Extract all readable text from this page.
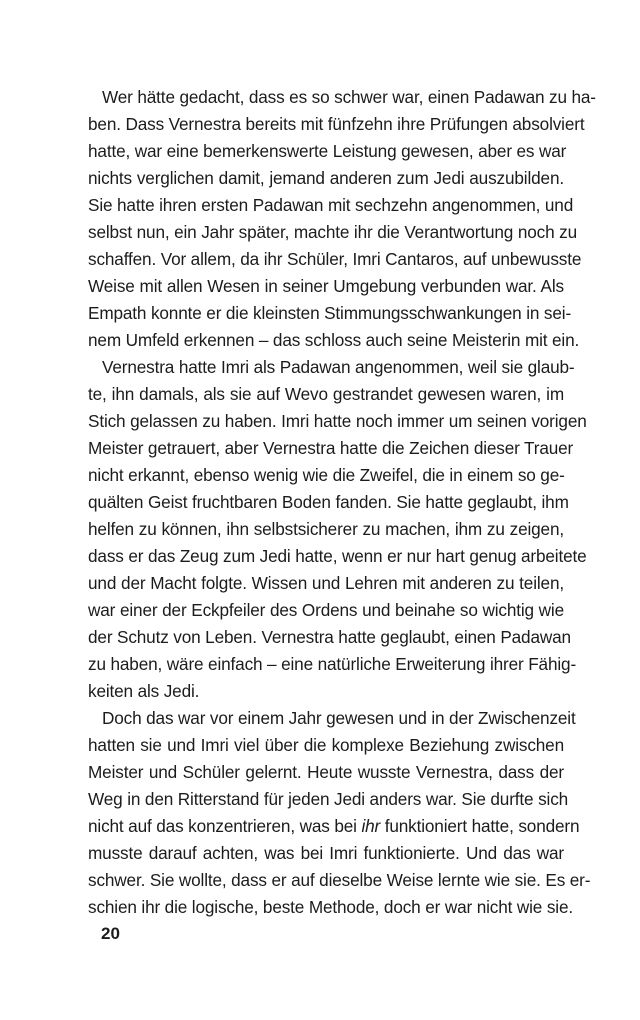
Wer hätte gedacht, dass es so schwer war, einen Padawan zu ha-
ben. Dass Vernestra bereits mit fünfzehn ihre Prüfungen absolviert
hatte, war eine bemerkenswerte Leistung gewesen, aber es war
nichts verglichen damit, jemand anderen zum Jedi auszubilden.
Sie hatte ihren ersten Padawan mit sechzehn angenommen, und
selbst nun, ein Jahr später, machte ihr die Verantwortung noch zu
schaffen. Vor allem, da ihr Schüler, Imri Cantaros, auf unbewusste
Weise mit allen Wesen in seiner Umgebung verbunden war. Als
Empath konnte er die kleinsten Stimmungsschwankungen in sei-
nem Umfeld erkennen – das schloss auch seine Meisterin mit ein.
Vernestra hatte Imri als Padawan angenommen, weil sie glaub-
te, ihn damals, als sie auf Wevo gestrandet gewesen waren, im
Stich gelassen zu haben. Imri hatte noch immer um seinen vorigen
Meister getrauert, aber Vernestra hatte die Zeichen dieser Trauer
nicht erkannt, ebenso wenig wie die Zweifel, die in einem so ge-
quälten Geist fruchtbaren Boden fanden. Sie hatte geglaubt, ihm
helfen zu können, ihn selbstsicherer zu machen, ihm zu zeigen,
dass er das Zeug zum Jedi hatte, wenn er nur hart genug arbeitete
und der Macht folgte. Wissen und Lehren mit anderen zu teilen,
war einer der Eckpfeiler des Ordens und beinahe so wichtig wie
der Schutz von Leben. Vernestra hatte geglaubt, einen Padawan
zu haben, wäre einfach – eine natürliche Erweiterung ihrer Fähig-
keiten als Jedi.
Doch das war vor einem Jahr gewesen und in der Zwischenzeit
hatten sie und Imri viel über die komplexe Beziehung zwischen
Meister und Schüler gelernt. Heute wusste Vernestra, dass der
Weg in den Ritterstand für jeden Jedi anders war. Sie durfte sich
nicht auf das konzentrieren, was bei ihr funktioniert hatte, sondern
musste darauf achten, was bei Imri funktionierte. Und das war
schwer. Sie wollte, dass er auf dieselbe Weise lernte wie sie. Es er-
schien ihr die logische, beste Methode, doch er war nicht wie sie.
20
